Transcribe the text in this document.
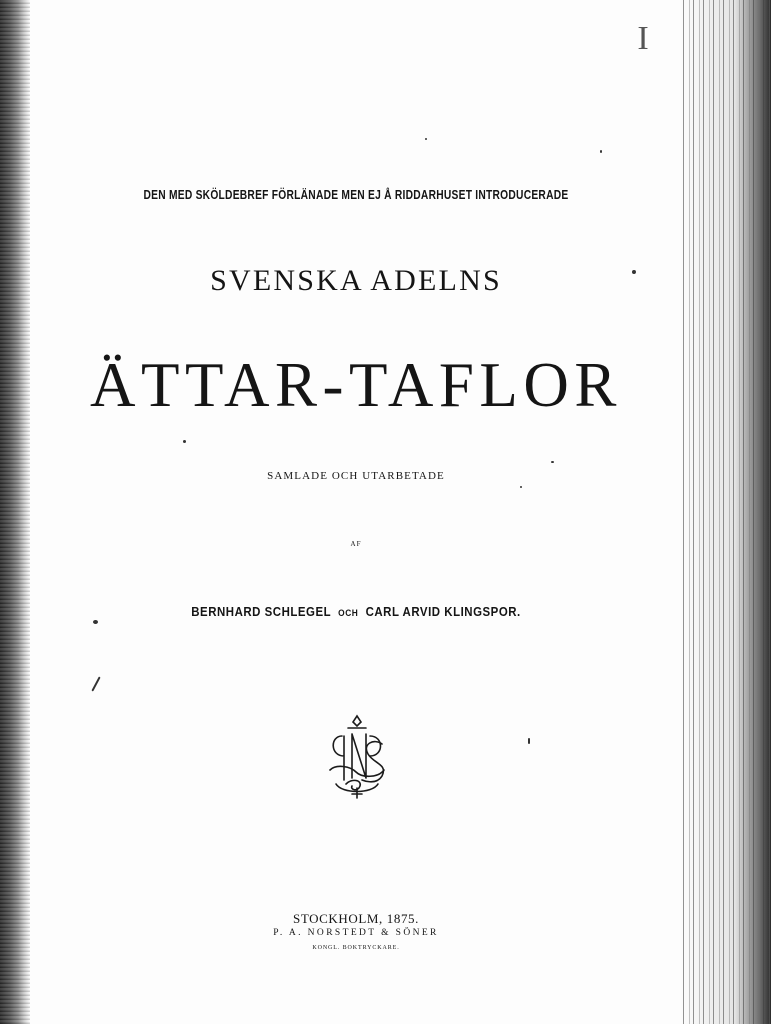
I
DEN MED SKÖLDEBREF FÖRLÄNADE MEN EJ Å RIDDARHUSET INTRODUCERADE
SVENSKA ADELNS
ÄTTAR-TAFLOR
SAMLADE OCH UTARBETADE
AF
BERNHARD SCHLEGEL OCH CARL ARVID KLINGSPOR.
STOCKHOLM, 1875.
P. A. NORSTEDT & SÖNER
KONGL. BOKTRYCKARE.
